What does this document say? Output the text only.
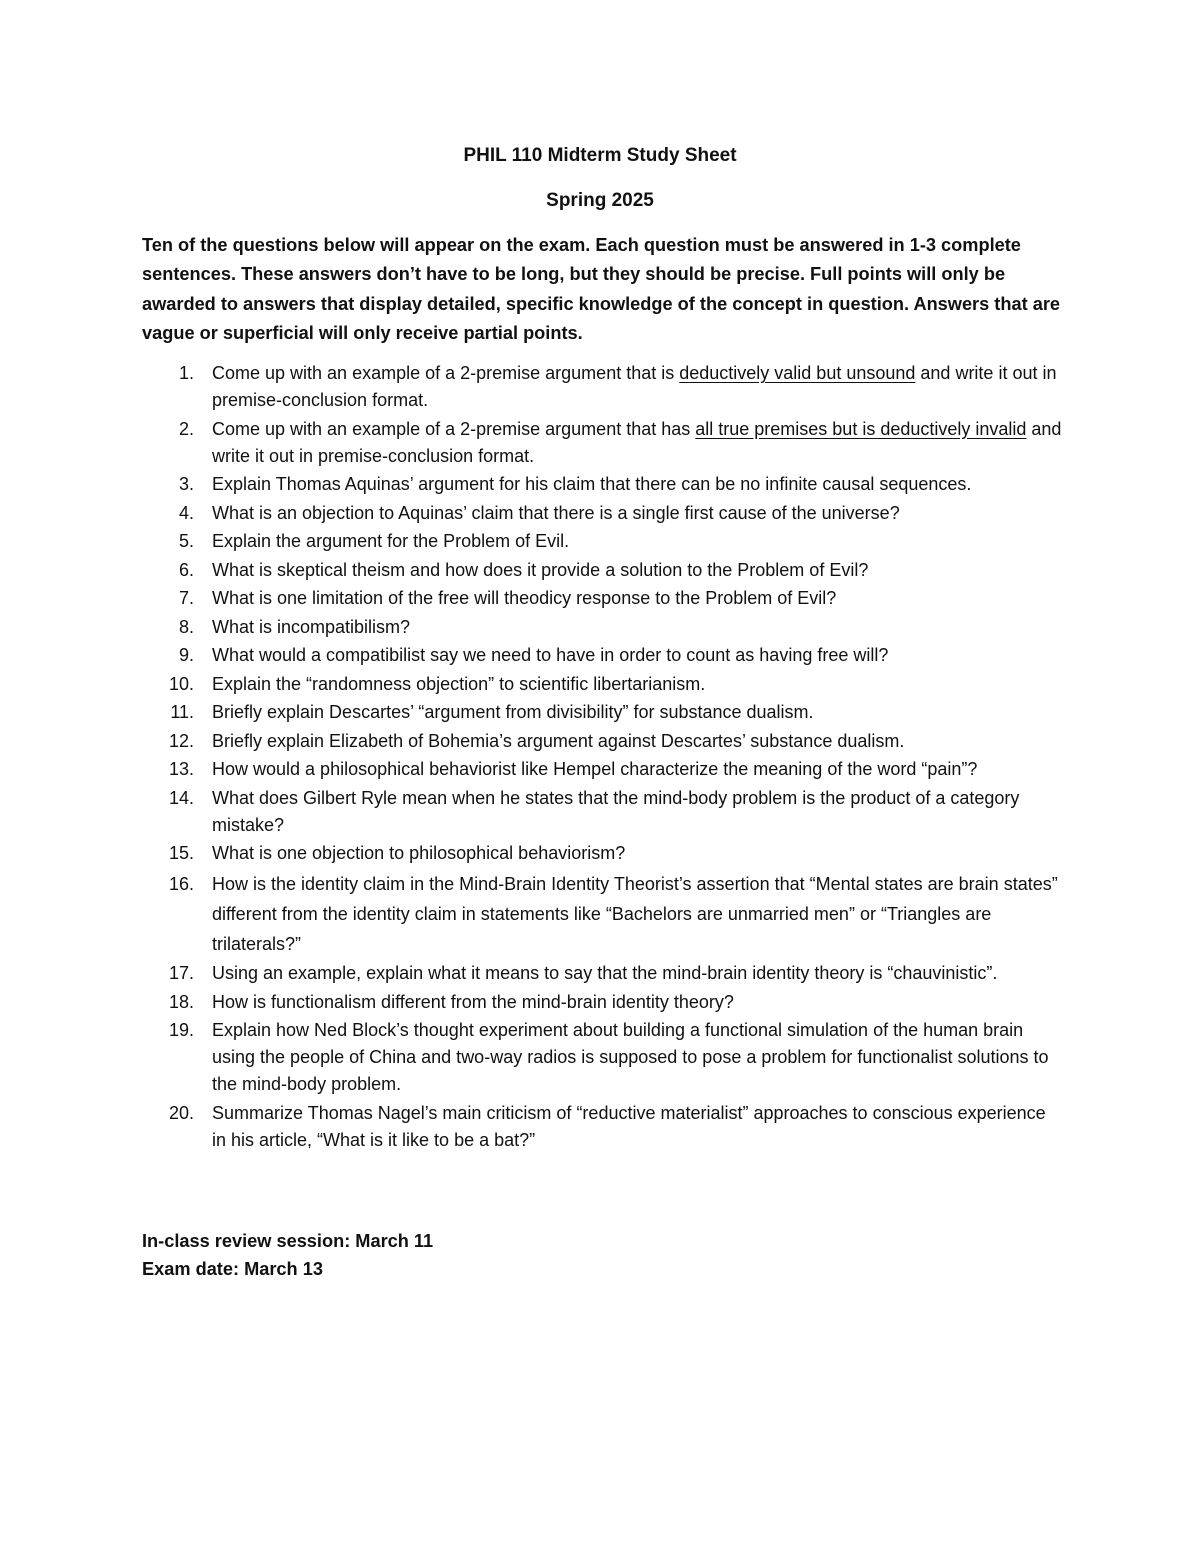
PHIL 110 Midterm Study Sheet
Spring 2025

Ten of the questions below will appear on the exam. Each question must be answered in 1-3 complete sentences. These answers don’t have to be long, but they should be precise. Full points will only be awarded to answers that display detailed, specific knowledge of the concept in question. Answers that are vague or superficial will only receive partial points.

1. Come up with an example of a 2-premise argument that is deductively valid but unsound and write it out in premise-conclusion format.
2. Come up with an example of a 2-premise argument that has all true premises but is deductively invalid and write it out in premise-conclusion format.
3. Explain Thomas Aquinas’ argument for his claim that there can be no infinite causal sequences.
4. What is an objection to Aquinas’ claim that there is a single first cause of the universe?
5. Explain the argument for the Problem of Evil.
6. What is skeptical theism and how does it provide a solution to the Problem of Evil?
7. What is one limitation of the free will theodicy response to the Problem of Evil?
8. What is incompatibilism?
9. What would a compatibilist say we need to have in order to count as having free will?
10. Explain the “randomness objection” to scientific libertarianism.
11. Briefly explain Descartes’ “argument from divisibility” for substance dualism.
12. Briefly explain Elizabeth of Bohemia’s argument against Descartes’ substance dualism.
13. How would a philosophical behaviorist like Hempel characterize the meaning of the word “pain”?
14. What does Gilbert Ryle mean when he states that the mind-body problem is the product of a category mistake?
15. What is one objection to philosophical behaviorism?
16. How is the identity claim in the Mind-Brain Identity Theorist’s assertion that “Mental states are brain states” different from the identity claim in statements like “Bachelors are unmarried men” or “Triangles are trilaterals?”
17. Using an example, explain what it means to say that the mind-brain identity theory is “chauvinistic”.
18. How is functionalism different from the mind-brain identity theory?
19. Explain how Ned Block’s thought experiment about building a functional simulation of the human brain using the people of China and two-way radios is supposed to pose a problem for functionalist solutions to the mind-body problem.
20. Summarize Thomas Nagel’s main criticism of “reductive materialist” approaches to conscious experience in his article, “What is it like to be a bat?”
In-class review session: March 11
Exam date: March 13
